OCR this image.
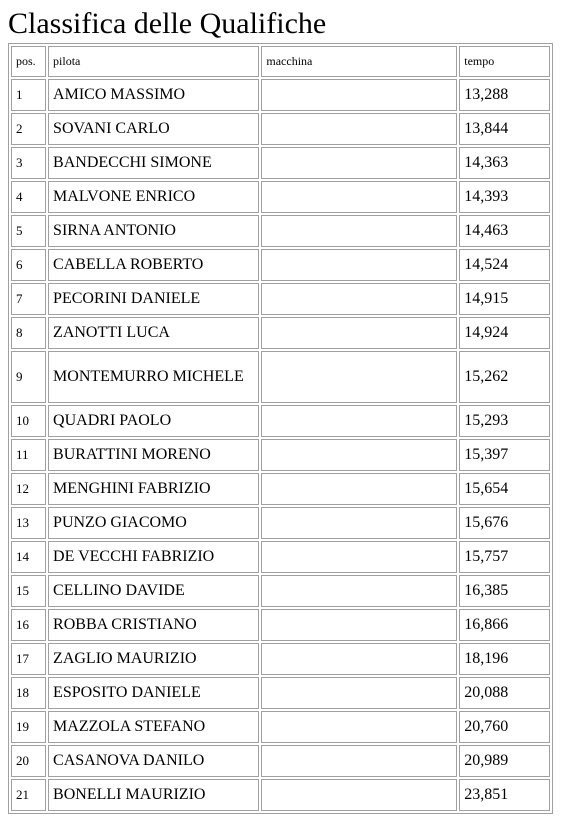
Classifica delle Qualifiche
pos.	pilota	macchina	tempo
1	AMICO MASSIMO		13,288
2	SOVANI CARLO		13,844
3	BANDECCHI SIMONE		14,363
4	MALVONE ENRICO		14,393
5	SIRNA ANTONIO		14,463
6	CABELLA ROBERTO		14,524
7	PECORINI DANIELE		14,915
8	ZANOTTI LUCA		14,924
9	MONTEMURRO MICHELE		15,262
10	QUADRI PAOLO		15,293
11	BURATTINI MORENO		15,397
12	MENGHINI FABRIZIO		15,654
13	PUNZO GIACOMO		15,676
14	DE VECCHI FABRIZIO		15,757
15	CELLINO DAVIDE		16,385
16	ROBBA CRISTIANO		16,866
17	ZAGLIO MAURIZIO		18,196
18	ESPOSITO DANIELE		20,088
19	MAZZOLA STEFANO		20,760
20	CASANOVA DANILO		20,989
21	BONELLI MAURIZIO		23,851
